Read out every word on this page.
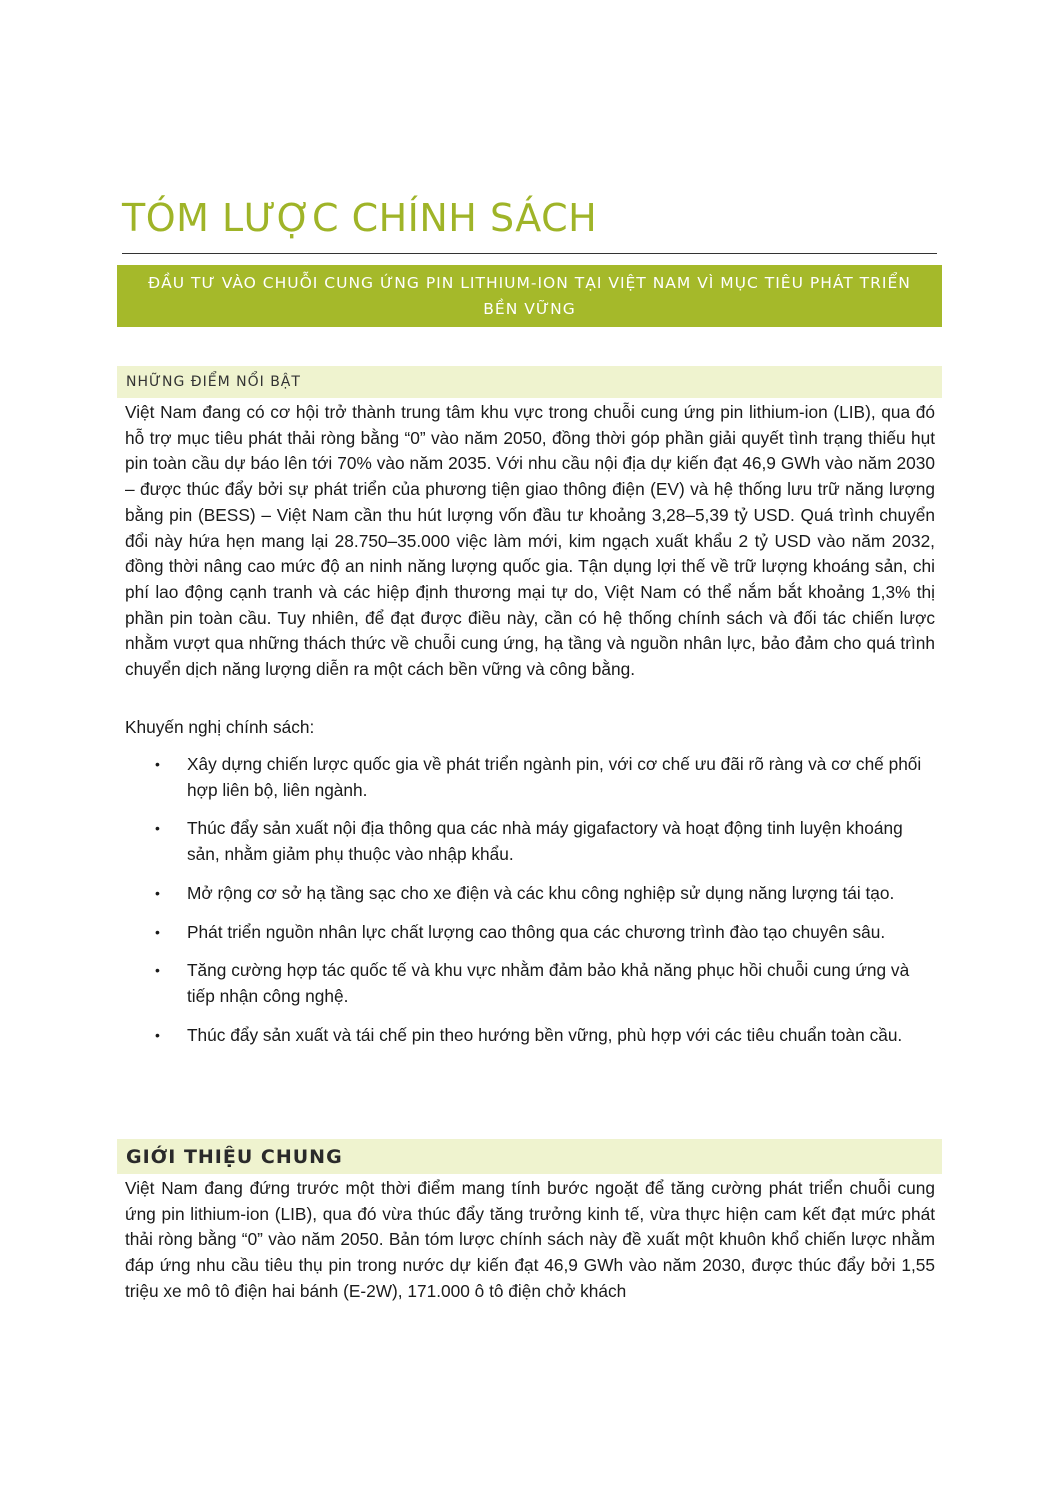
TÓM LƯỢC CHÍNH SÁCH
ĐẦU TƯ VÀO CHUỖI CUNG ỨNG PIN LITHIUM-ION TẠI VIỆT NAM VÌ MỤC TIÊU PHÁT TRIỂN BỀN VỮNG
NHỮNG ĐIỂM NỔI BẬT

Việt Nam đang có cơ hội trở thành trung tâm khu vực trong chuỗi cung ứng pin lithium-ion (LIB), qua đó hỗ trợ mục tiêu phát thải ròng bằng “0” vào năm 2050, đồng thời góp phần giải quyết tình trạng thiếu hụt pin toàn cầu dự báo lên tới 70% vào năm 2035. Với nhu cầu nội địa dự kiến đạt 46,9 GWh vào năm 2030 – được thúc đẩy bởi sự phát triển của phương tiện giao thông điện (EV) và hệ thống lưu trữ năng lượng bằng pin (BESS) – Việt Nam cần thu hút lượng vốn đầu tư khoảng 3,28–5,39 tỷ USD. Quá trình chuyển đổi này hứa hẹn mang lại 28.750–35.000 việc làm mới, kim ngạch xuất khẩu 2 tỷ USD vào năm 2032, đồng thời nâng cao mức độ an ninh năng lượng quốc gia. Tận dụng lợi thế về trữ lượng khoáng sản, chi phí lao động cạnh tranh và các hiệp định thương mại tự do, Việt Nam có thể nắm bắt khoảng 1,3% thị phần pin toàn cầu. Tuy nhiên, để đạt được điều này, cần có hệ thống chính sách và đối tác chiến lược nhằm vượt qua những thách thức về chuỗi cung ứng, hạ tầng và nguồn nhân lực, bảo đảm cho quá trình chuyển dịch năng lượng diễn ra một cách bền vững và công bằng.

Khuyến nghị chính sách:

• Xây dựng chiến lược quốc gia về phát triển ngành pin, với cơ chế ưu đãi rõ ràng và cơ chế phối hợp liên bộ, liên ngành.
• Thúc đẩy sản xuất nội địa thông qua các nhà máy gigafactory và hoạt động tinh luyện khoáng sản, nhằm giảm phụ thuộc vào nhập khẩu.
• Mở rộng cơ sở hạ tầng sạc cho xe điện và các khu công nghiệp sử dụng năng lượng tái tạo.
• Phát triển nguồn nhân lực chất lượng cao thông qua các chương trình đào tạo chuyên sâu.
• Tăng cường hợp tác quốc tế và khu vực nhằm đảm bảo khả năng phục hồi chuỗi cung ứng và tiếp nhận công nghệ.
• Thúc đẩy sản xuất và tái chế pin theo hướng bền vững, phù hợp với các tiêu chuẩn toàn cầu.
GIỚI THIỆU CHUNG

Việt Nam đang đứng trước một thời điểm mang tính bước ngoặt để tăng cường phát triển chuỗi cung ứng pin lithium-ion (LIB), qua đó vừa thúc đẩy tăng trưởng kinh tế, vừa thực hiện cam kết đạt mức phát thải ròng bằng “0” vào năm 2050. Bản tóm lược chính sách này đề xuất một khuôn khổ chiến lược nhằm đáp ứng nhu cầu tiêu thụ pin trong nước dự kiến đạt 46,9 GWh vào năm 2030, được thúc đẩy bởi 1,55 triệu xe mô tô điện hai bánh (E-2W), 171.000 ô tô điện chở khách
